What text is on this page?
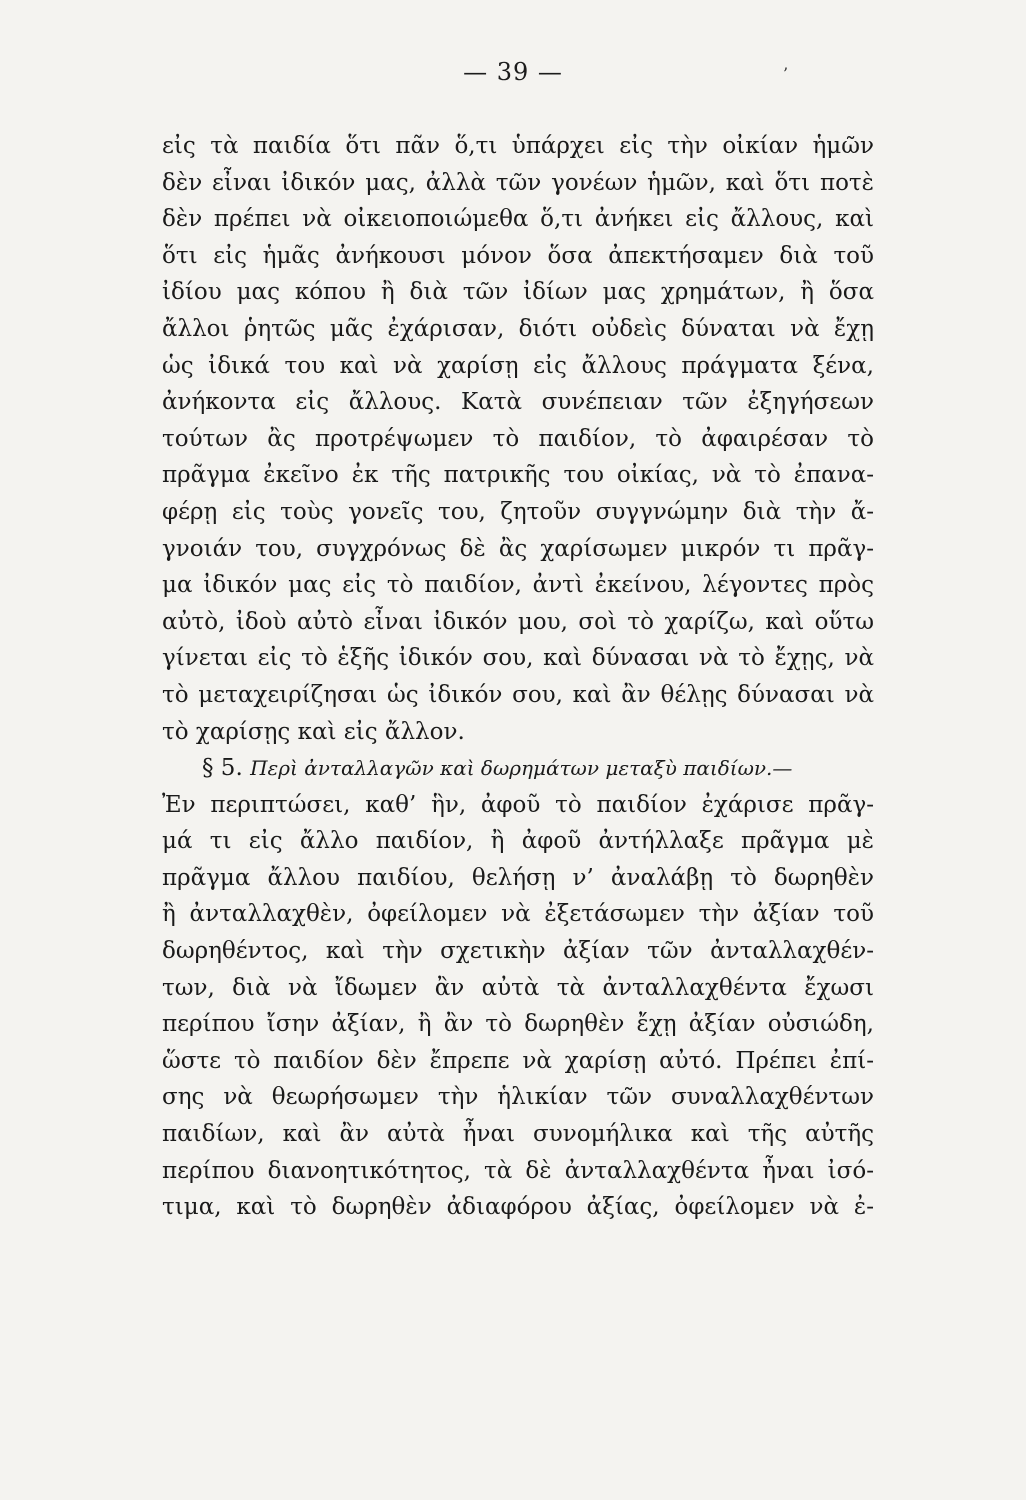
— 39 —	’
εἰς τὰ παιδία ὅτι πᾶν ὅ,τι ὑπάρχει εἰς τὴν οἰκίαν ἡμῶν
δὲν εἶναι ἰδικόν μας, ἀλλὰ τῶν γονέων ἡμῶν, καὶ ὅτι ποτὲ
δὲν πρέπει νὰ οἰκειοποιώμεθα ὅ,τι ἀνήκει εἰς ἄλλους, καὶ
ὅτι εἰς ἡμᾶς ἀνήκουσι μόνον ὅσα ἀπεκτήσαμεν διὰ τοῦ
ἰδίου μας κόπου ἢ διὰ τῶν ἰδίων μας χρημάτων, ἢ ὅσα
ἄλλοι ῥητῶς μᾶς ἐχάρισαν, διότι οὐδεὶς δύναται νὰ ἔχῃ
ὡς ἰδικά του καὶ νὰ χαρίσῃ εἰς ἄλλους πράγματα ξένα,
ἀνήκοντα εἰς ἄλλους. Κατὰ συνέπειαν τῶν ἐξηγήσεων
τούτων ἂς προτρέψωμεν τὸ παιδίον, τὸ ἀφαιρέσαν τὸ
πρᾶγμα ἐκεῖνο ἐκ τῆς πατρικῆς του οἰκίας, νὰ τὸ ἐπανα-
φέρῃ εἰς τοὺς γονεῖς του, ζητοῦν συγγνώμην διὰ τὴν ἄ-
γνοιάν του, συγχρόνως δὲ ἂς χαρίσωμεν μικρόν τι πρᾶγ-
μα ἰδικόν μας εἰς τὸ παιδίον, ἀντὶ ἐκείνου, λέγοντες πρὸς
αὐτὸ, ἰδοὺ αὐτὸ εἶναι ἰδικόν μου, σοὶ τὸ χαρίζω, καὶ οὕτω
γίνεται εἰς τὸ ἑξῆς ἰδικόν σου, καὶ δύνασαι νὰ τὸ ἔχῃς, νὰ
τὸ μεταχειρίζησαι ὡς ἰδικόν σου, καὶ ἂν θέλῃς δύνασαι νὰ
τὸ χαρίσῃς καὶ εἰς ἄλλον.
§ 5. Περὶ ἀνταλλαγῶν καὶ δωρημάτων μεταξὺ παιδίων.—
Ἐν περιπτώσει, καθ’ ἣν, ἀφοῦ τὸ παιδίον ἐχάρισε πρᾶγ-
μά τι εἰς ἄλλο παιδίον, ἢ ἀφοῦ ἀντήλλαξε πρᾶγμα μὲ
πρᾶγμα ἄλλου παιδίου, θελήσῃ ν’ ἀναλάβῃ τὸ δωρηθὲν
ἢ ἀνταλλαχθὲν, ὀφείλομεν νὰ ἐξετάσωμεν τὴν ἀξίαν τοῦ
δωρηθέντος, καὶ τὴν σχετικὴν ἀξίαν τῶν ἀνταλλαχθέν-
των, διὰ νὰ ἴδωμεν ἂν αὐτὰ τὰ ἀνταλλαχθέντα ἔχωσι
περίπου ἴσην ἀξίαν, ἢ ἂν τὸ δωρηθὲν ἔχῃ ἀξίαν οὐσιώδη,
ὥστε τὸ παιδίον δὲν ἔπρεπε νὰ χαρίσῃ αὐτό. Πρέπει ἐπί-
σης νὰ θεωρήσωμεν τὴν ἡλικίαν τῶν συναλλαχθέντων
παιδίων, καὶ ἂν αὐτὰ ἦναι συνομήλικα καὶ τῆς αὐτῆς
περίπου διανοητικότητος, τὰ δὲ ἀνταλλαχθέντα ἦναι ἰσό-
τιμα, καὶ τὸ δωρηθὲν ἀδιαφόρου ἀξίας, ὀφείλομεν νὰ ἐ-
